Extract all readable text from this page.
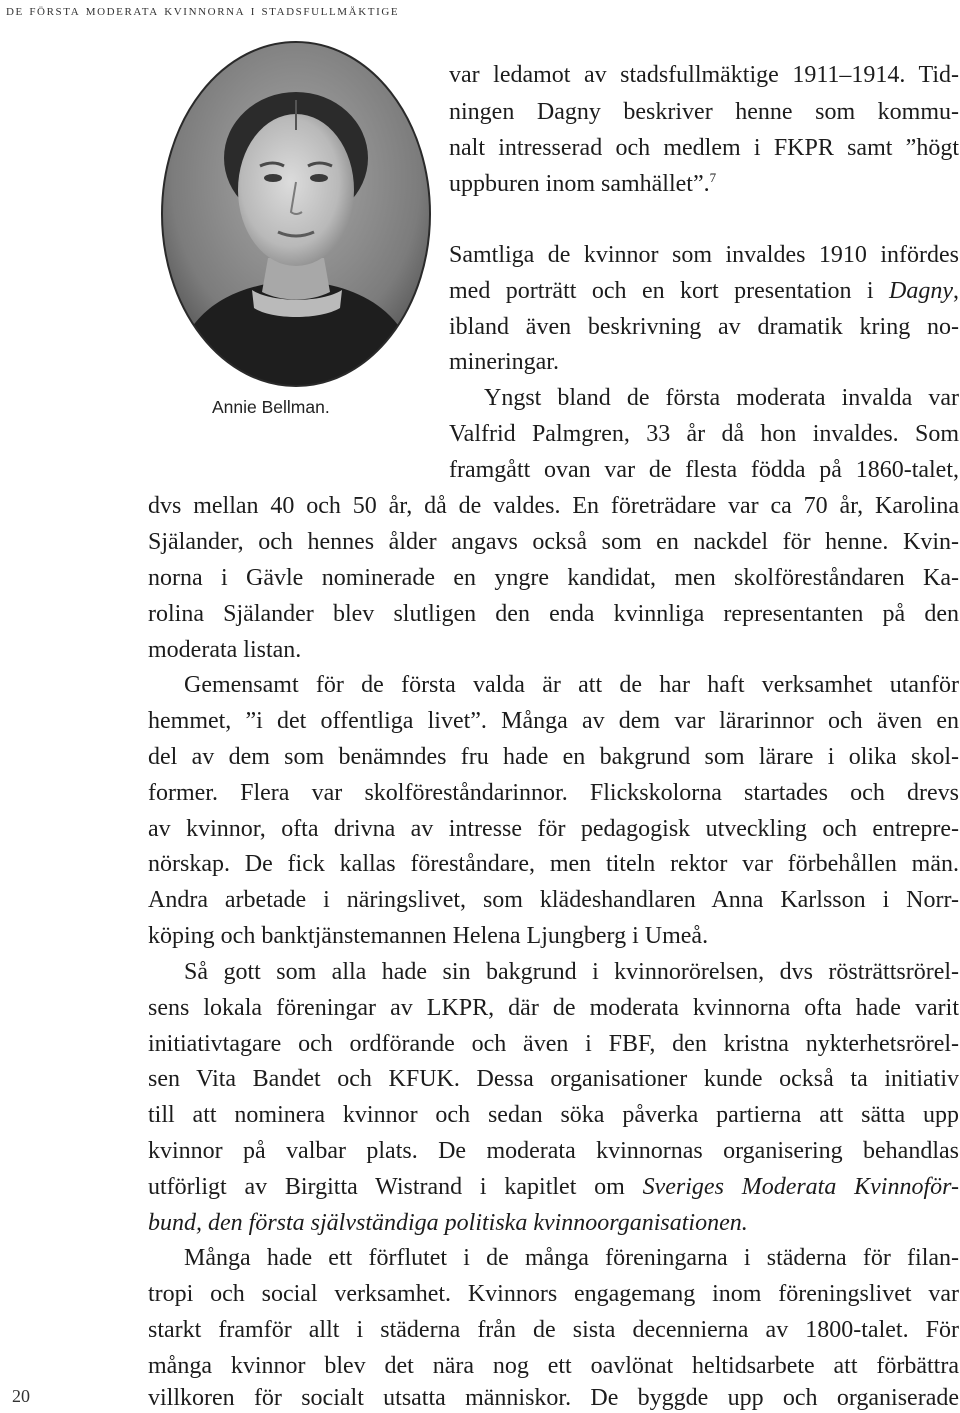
de första moderata kvinnorna i stadsfullmäktige
Annie Bellman.
var ledamot av stadsfullmäktige 1911–1914. Tid-
ningen Dagny beskriver henne som kommu-
nalt intresserad och medlem i FKPR samt ”högt
uppburen inom samhället”.$^7$
Samtliga de kvinnor som invaldes 1910 infördes
med porträtt och en kort presentation i Dagny,
ibland även beskrivning av dramatik kring no-
mineringar.
Yngst bland de första moderata invalda var
Valfrid Palmgren, 33 år då hon invaldes. Som
framgått ovan var de flesta födda på 1860-talet,
dvs mellan 40 och 50 år, då de valdes. En företrädare var ca 70 år, Karolina
Själander, och hennes ålder angavs också som en nackdel för henne. Kvin-
norna i Gävle nominerade en yngre kandidat, men skolföreståndaren Ka-
rolina Själander blev slutligen den enda kvinnliga representanten på den
moderata listan.
Gemensamt för de första valda är att de har haft verksamhet utanför
hemmet, ”i det offentliga livet”. Många av dem var lärarinnor och även en
del av dem som benämndes fru hade en bakgrund som lärare i olika skol-
former. Flera var skolföreståndarinnor. Flickskolorna startades och drevs
av kvinnor, ofta drivna av intresse för pedagogisk utveckling och entrepre-
nörskap. De fick kallas föreståndare, men titeln rektor var förbehållen män.
Andra arbetade i näringslivet, som klädeshandlaren Anna Karlsson i Norr-
köping och banktjänstemannen Helena Ljungberg i Umeå.
Så gott som alla hade sin bakgrund i kvinnorörelsen, dvs rösträttsrörel-
sens lokala föreningar av LKPR, där de moderata kvinnorna ofta hade varit
initiativtagare och ordförande och även i FBF, den kristna nykterhetsrörel-
sen Vita Bandet och KFUK. Dessa organisationer kunde också ta initiativ
till att nominera kvinnor och sedan söka påverka partierna att sätta upp
kvinnor på valbar plats. De moderata kvinnornas organisering behandlas
utförligt av Birgitta Wistrand i kapitlet om Sveriges Moderata Kvinnoför-
bund, den första självständiga politiska kvinnoorganisationen.
Många hade ett förflutet i de många föreningarna i städerna för filan-
tropi och social verksamhet. Kvinnors engagemang inom föreningslivet var
starkt framför allt i städerna från de sista decennierna av 1800-talet. För
många kvinnor blev det nära nog ett oavlönat heltidsarbete att förbättra
villkoren för socialt utsatta människor. De byggde upp och organiserade
20
